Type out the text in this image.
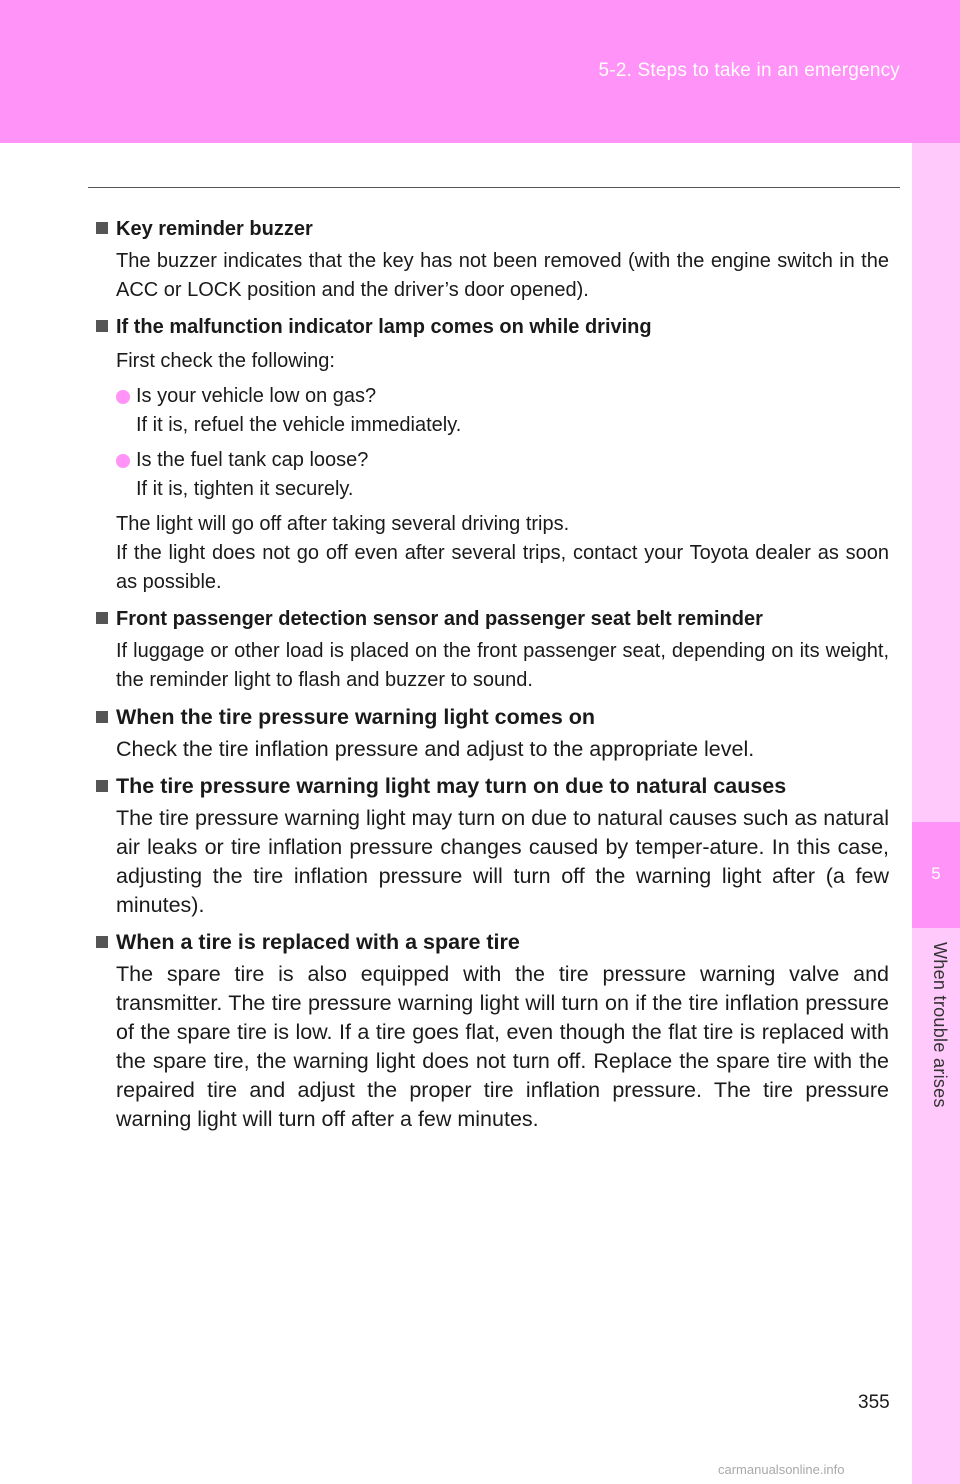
5-2. Steps to take in an emergency
5
When trouble arises

Key reminder buzzer

The buzzer indicates that the key has not been removed (with the engine switch in the ACC or LOCK position and the driver’s door opened).

If the malfunction indicator lamp comes on while driving

First check the following:

Is your vehicle low on gas?
If it is, refuel the vehicle immediately.
Is the fuel tank cap loose?
If it is, tighten it securely.

The light will go off after taking several driving trips.
If the light does not go off even after several trips, contact your Toyota dealer as soon as possible.

Front passenger detection sensor and passenger seat belt reminder

If luggage or other load is placed on the front passenger seat, depending on its weight, the reminder light to flash and buzzer to sound.

When the tire pressure warning light comes on

Check the tire inflation pressure and adjust to the appropriate level.

The tire pressure warning light may turn on due to natural causes

The tire pressure warning light may turn on due to natural causes such as natural air leaks or tire inflation pressure changes caused by temper-ature. In this case, adjusting the tire inflation pressure will turn off the warning light after (a few minutes).

When a tire is replaced with a spare tire

The spare tire is also equipped with the tire pressure warning valve and transmitter. The tire pressure warning light will turn on if the tire inflation pressure of the spare tire is low. If a tire goes flat, even though the flat tire is replaced with the spare tire, the warning light does not turn off. Replace the spare tire with the repaired tire and adjust the proper tire inflation pressure. The tire pressure warning light will turn off after a few minutes.

355
carmanualsonline.info
